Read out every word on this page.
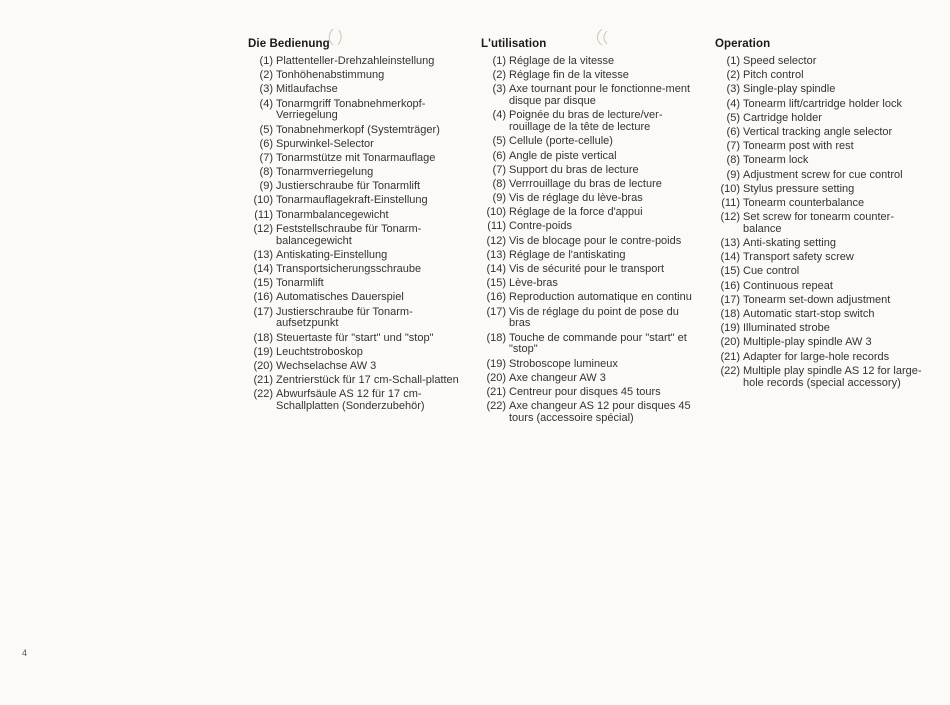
Die Bedienung
(1) Plattenteller-Drehzahleinstellung
(2) Tonhöhenabstimmung
(3) Mitlaufachse
(4) Tonarmgriff Tonabnehmerkopf-Verriegelung
(5) Tonabnehmerkopf (Systemträger)
(6) Spurwinkel-Selector
(7) Tonarmstütze mit Tonarmauflage
(8) Tonarmverriegelung
(9) Justierschraube für Tonarmlift
(10) Tonarmauflagekraft-Einstellung
(11) Tonarmbalancegewicht
(12) Feststellschraube für Tonarm-balancegewicht
(13) Antiskating-Einstellung
(14) Transportsicherungsschraube
(15) Tonarmlift
(16) Automatisches Dauerspiel
(17) Justierschraube für Tonarm-aufsetzpunkt
(18) Steuertaste für "start" und "stop"
(19) Leuchtstroboskop
(20) Wechselachse AW 3
(21) Zentrierstück für 17 cm-Schall-platten
(22) Abwurfsäule AS 12 für 17 cm-Schallplatten (Sonderzubehör)
L'utilisation
(1) Réglage de la vitesse
(2) Réglage fin de la vitesse
(3) Axe tournant pour le fonctionne-ment disque par disque
(4) Poignée du bras de lecture/ver-rouillage de la tête de lecture
(5) Cellule (porte-cellule)
(6) Angle de piste vertical
(7) Support du bras de lecture
(8) Verrrouillage du bras de lecture
(9) Vis de réglage du lève-bras
(10) Réglage de la force d'appui
(11) Contre-poids
(12) Vis de blocage pour le contre-poids
(13) Réglage de l'antiskating
(14) Vis de sécurité pour le transport
(15) Lève-bras
(16) Reproduction automatique en continu
(17) Vis de réglage du point de pose du bras
(18) Touche de commande pour "start" et "stop"
(19) Stroboscope lumineux
(20) Axe changeur AW 3
(21) Centreur pour disques 45 tours
(22) Axe changeur AS 12 pour disques 45 tours (accessoire spécial)
Operation
(1) Speed selector
(2) Pitch control
(3) Single-play spindle
(4) Tonearm lift/cartridge holder lock
(5) Cartridge holder
(6) Vertical tracking angle selector
(7) Tonearm post with rest
(8) Tonearm lock
(9) Adjustment screw for cue control
(10) Stylus pressure setting
(11) Tonearm counterbalance
(12) Set screw for tonearm counter-balance
(13) Anti-skating setting
(14) Transport safety screw
(15) Cue control
(16) Continuous repeat
(17) Tonearm set-down adjustment
(18) Automatic start-stop switch
(19) Illuminated strobe
(20) Multiple-play spindle AW 3
(21) Adapter for large-hole records
(22) Multiple play spindle AS 12 for large-hole records (special accessory)
4
